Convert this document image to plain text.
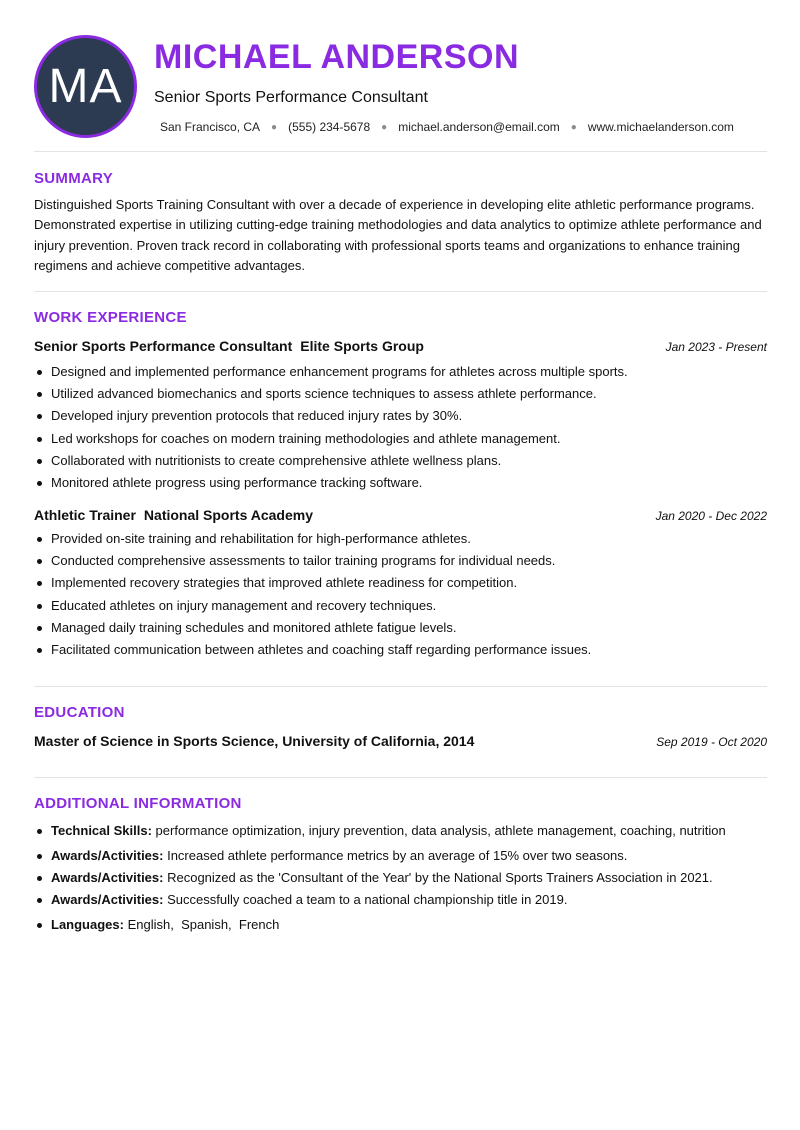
MA
MICHAEL ANDERSON
Senior Sports Performance Consultant
San Francisco, CA ● (555) 234-5678 ● michael.anderson@email.com ● www.michaelanderson.com
SUMMARY
Distinguished Sports Training Consultant with over a decade of experience in developing elite athletic performance programs. Demonstrated expertise in utilizing cutting-edge training methodologies and data analytics to optimize athlete performance and injury prevention. Proven track record in collaborating with professional sports teams and organizations to enhance training regimens and achieve competitive advantages.
WORK EXPERIENCE
Senior Sports Performance Consultant Elite Sports Group	Jan 2023 - Present
Designed and implemented performance enhancement programs for athletes across multiple sports.
Utilized advanced biomechanics and sports science techniques to assess athlete performance.
Developed injury prevention protocols that reduced injury rates by 30%.
Led workshops for coaches on modern training methodologies and athlete management.
Collaborated with nutritionists to create comprehensive athlete wellness plans.
Monitored athlete progress using performance tracking software.
Athletic Trainer National Sports Academy	Jan 2020 - Dec 2022
Provided on-site training and rehabilitation for high-performance athletes.
Conducted comprehensive assessments to tailor training programs for individual needs.
Implemented recovery strategies that improved athlete readiness for competition.
Educated athletes on injury management and recovery techniques.
Managed daily training schedules and monitored athlete fatigue levels.
Facilitated communication between athletes and coaching staff regarding performance issues.
EDUCATION
Master of Science in Sports Science, University of California, 2014	Sep 2019 - Oct 2020
ADDITIONAL INFORMATION
Technical Skills: performance optimization, injury prevention, data analysis, athlete management, coaching, nutrition
Awards/Activities: Increased athlete performance metrics by an average of 15% over two seasons.
Awards/Activities: Recognized as the 'Consultant of the Year' by the National Sports Trainers Association in 2021.
Awards/Activities: Successfully coached a team to a national championship title in 2019.
Languages: English,  Spanish,  French
